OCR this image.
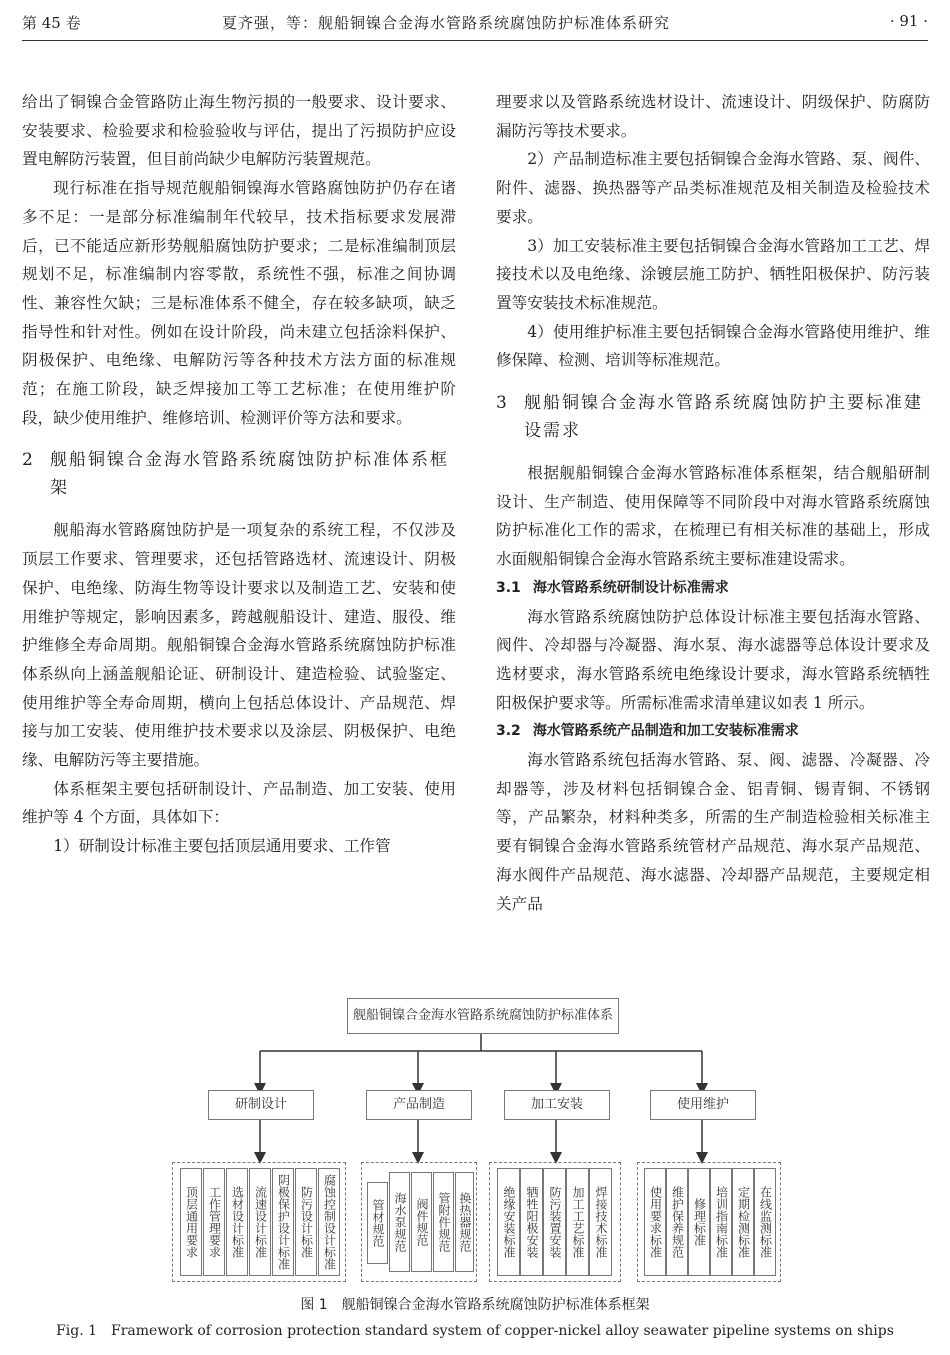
第 45 卷	夏齐强，等：舰船铜镍合金海水管路系统腐蚀防护标准体系研究	· 91 ·

给出了铜镍合金管路防止海生物污损的一般要求、设计要求、安装要求、检验要求和检验验收与评估，提出了污损防护应设置电解防污装置，但目前尚缺少电解防污装置规范。

现行标准在指导规范舰船铜镍海水管路腐蚀防护仍存在诸多不足：一是部分标准编制年代较早，技术指标要求发展滞后，已不能适应新形势舰船腐蚀防护要求；二是标准编制顶层规划不足，标准编制内容零散，系统性不强，标准之间协调性、兼容性欠缺；三是标准体系不健全，存在较多缺项，缺乏指导性和针对性。例如在设计阶段，尚未建立包括涂料保护、阴极保护、电绝缘、电解防污等各种技术方法方面的标准规范；在施工阶段，缺乏焊接加工等工艺标准；在使用维护阶段，缺少使用维护、维修培训、检测评价等方法和要求。

2 舰船铜镍合金海水管路系统腐蚀防护标准体系框架

舰船海水管路腐蚀防护是一项复杂的系统工程，不仅涉及顶层工作要求、管理要求，还包括管路选材、流速设计、阴极保护、电绝缘、防海生物等设计要求以及制造工艺、安装和使用维护等规定，影响因素多，跨越舰船设计、建造、服役、维护维修全寿命周期。舰船铜镍合金海水管路系统腐蚀防护标准体系纵向上涵盖舰船论证、研制设计、建造检验、试验鉴定、使用维护等全寿命周期，横向上包括总体设计、产品规范、焊接与加工安装、使用维护技术要求以及涂层、阴极保护、电绝缘、电解防污等主要措施。

体系框架主要包括研制设计、产品制造、加工安装、使用维护等 4 个方面，具体如下：

1）研制设计标准主要包括顶层通用要求、工作管

理要求以及管路系统选材设计、流速设计、阴级保护、防腐防漏防污等技术要求。

2）产品制造标准主要包括铜镍合金海水管路、泵、阀件、附件、滤器、换热器等产品类标准规范及相关制造及检验技术要求。

3）加工安装标准主要包括铜镍合金海水管路加工工艺、焊接技术以及电绝缘、涂镀层施工防护、牺牲阳极保护、防污装置等安装技术标准规范。

4）使用维护标准主要包括铜镍合金海水管路使用维护、维修保障、检测、培训等标准规范。

3 舰船铜镍合金海水管路系统腐蚀防护主要标准建设需求

根据舰船铜镍合金海水管路标准体系框架，结合舰船研制设计、生产制造、使用保障等不同阶段中对海水管路系统腐蚀防护标准化工作的需求，在梳理已有相关标准的基础上，形成水面舰船铜镍合金海水管路系统主要标准建设需求。

3.1 海水管路系统研制设计标准需求

海水管路系统腐蚀防护总体设计标准主要包括海水管路、阀件、冷却器与冷凝器、海水泵、海水滤器等总体设计要求及选材要求，海水管路系统电绝缘设计要求，海水管路系统牺牲阳极保护要求等。所需标准需求清单建议如表 1 所示。

3.2 海水管路系统产品制造和加工安装标准需求

海水管路系统包括海水管路、泵、阀、滤器、冷凝器、冷却器等，涉及材料包括铜镍合金、铝青铜、锡青铜、不锈钢等，产品繁杂，材料种类多，所需的生产制造检验相关标准主要有铜镍合金海水管路系统管材产品规范、海水泵产品规范、海水阀件产品规范、海水滤器、冷却器产品规范，主要规定相关产品

舰船铜镍合金海水管路系统腐蚀防护标准体系
研制设计	产品制造	加工安装	使用维护
顶层通用要求 工作管理要求 选材设计标准 流速设计标准 阴极保护设计标准 防污设计标准 腐蚀控制设计标准	管材规范 海水泵规范 阀件规范 管附件规范 换热器规范	绝缘安装标准 牺牲阳极安装 防污装置安装 加工工艺标准 焊接技术标准	使用要求标准 维护保养规范 修理标准 培训指南标准 定期检测标准 在线监测标准
图 1　舰船铜镍合金海水管路系统腐蚀防护标准体系框架
Fig. 1　Framework of corrosion protection standard system of copper-nickel alloy seawater pipeline systems on ships
